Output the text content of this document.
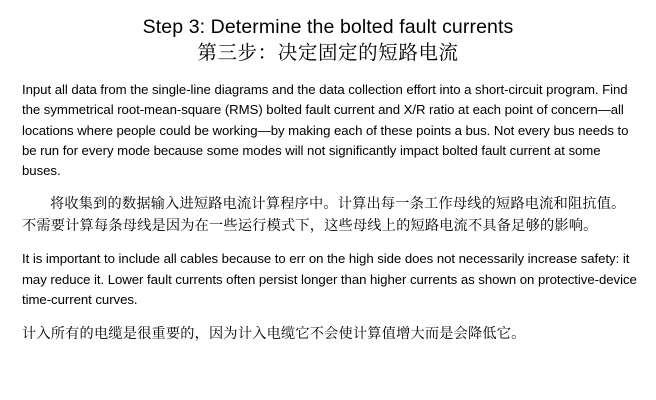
Step 3: Determine the bolted fault currents
第三步：决定固定的短路电流

Input all data from the single-line diagrams and the data collection effort into a short-circuit program. Find the symmetrical root-mean-square (RMS) bolted fault current and X/R ratio at each point of concern—all locations where people could be working—by making each of these points a bus. Not every bus needs to be run for every mode because some modes will not significantly impact bolted fault current at some buses.

将收集到的数据输入进短路电流计算程序中。计算出每一条工作母线的短路电流和阻抗值。不需要计算每条母线是因为在一些运行模式下，这些母线上的短路电流不具备足够的影响。

It is important to include all cables because to err on the high side does not necessarily increase safety: it may reduce it. Lower fault currents often persist longer than higher currents as shown on protective-device time-current curves.

计入所有的电缆是很重要的，因为计入电缆它不会使计算值增大而是会降低它。
